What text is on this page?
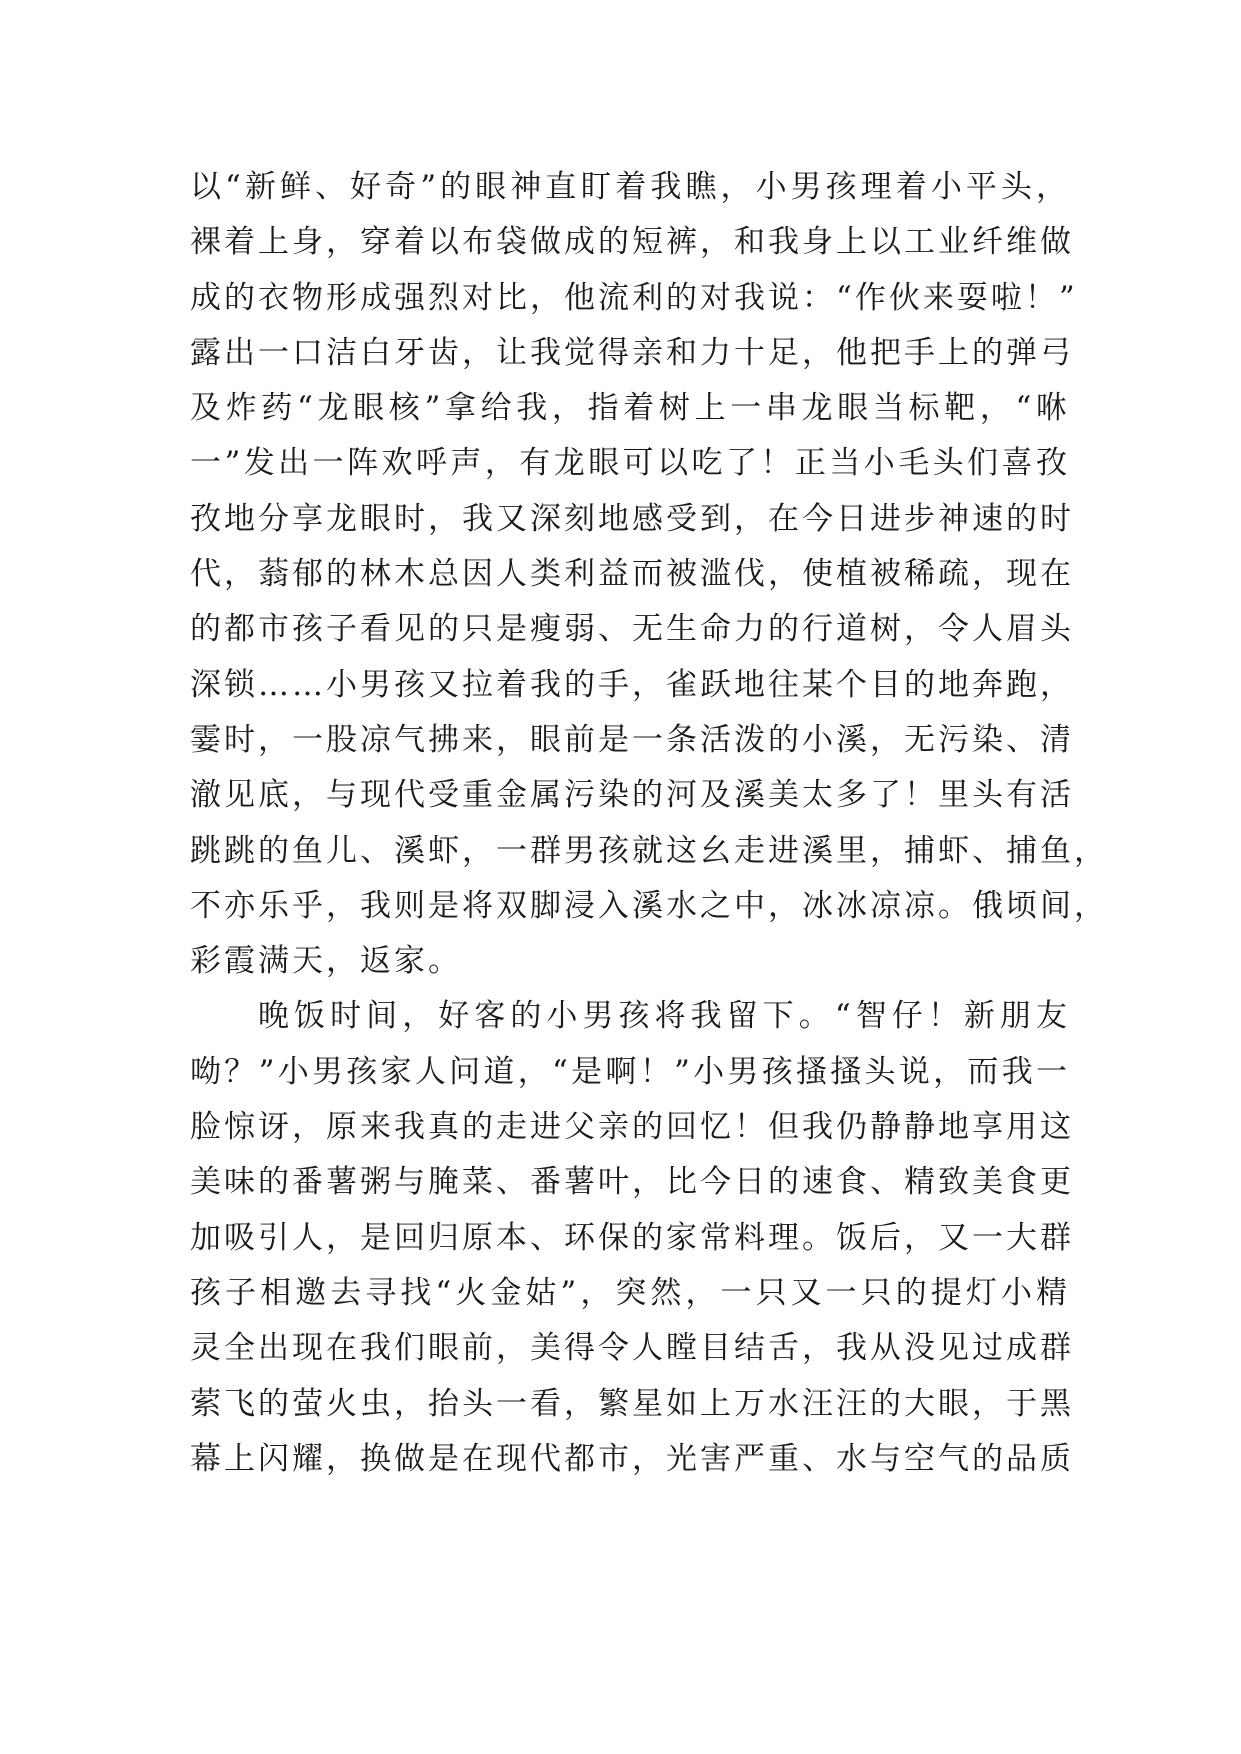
以“新鲜、好奇”的眼神直盯着我瞧，小男孩理着小平头，
裸着上身，穿着以布袋做成的短裤，和我身上以工业纤维做
成的衣物形成强烈对比，他流利的对我说：“作伙来耍啦！”
露出一口洁白牙齿，让我觉得亲和力十足，他把手上的弹弓
及炸药“龙眼核”拿给我，指着树上一串龙眼当标靶，“咻
一”发出一阵欢呼声，有龙眼可以吃了！正当小毛头们喜孜
孜地分享龙眼时，我又深刻地感受到，在今日进步神速的时
代，蓊郁的林木总因人类利益而被滥伐，使植被稀疏，现在
的都市孩子看见的只是瘦弱、无生命力的行道树，令人眉头
深锁……小男孩又拉着我的手，雀跃地往某个目的地奔跑，
霎时，一股凉气拂来，眼前是一条活泼的小溪，无污染、清
澈见底，与现代受重金属污染的河及溪美太多了！里头有活
跳跳的鱼儿、溪虾，一群男孩就这幺走进溪里，捕虾、捕鱼，
不亦乐乎，我则是将双脚浸入溪水之中，冰冰凉凉。俄顷间，
彩霞满天，返家。
晚饭时间，好客的小男孩将我留下。“智仔！新朋友
呦？”小男孩家人问道，“是啊！”小男孩搔搔头说，而我一
脸惊讶，原来我真的走进父亲的回忆！但我仍静静地享用这
美味的番薯粥与腌菜、番薯叶，比今日的速食、精致美食更
加吸引人，是回归原本、环保的家常料理。饭后，又一大群
孩子相邀去寻找“火金姑”，突然，一只又一只的提灯小精
灵全出现在我们眼前，美得令人瞠目结舌，我从没见过成群
萦飞的萤火虫，抬头一看，繁星如上万水汪汪的大眼，于黑
幕上闪耀，换做是在现代都市，光害严重、水与空气的品质
